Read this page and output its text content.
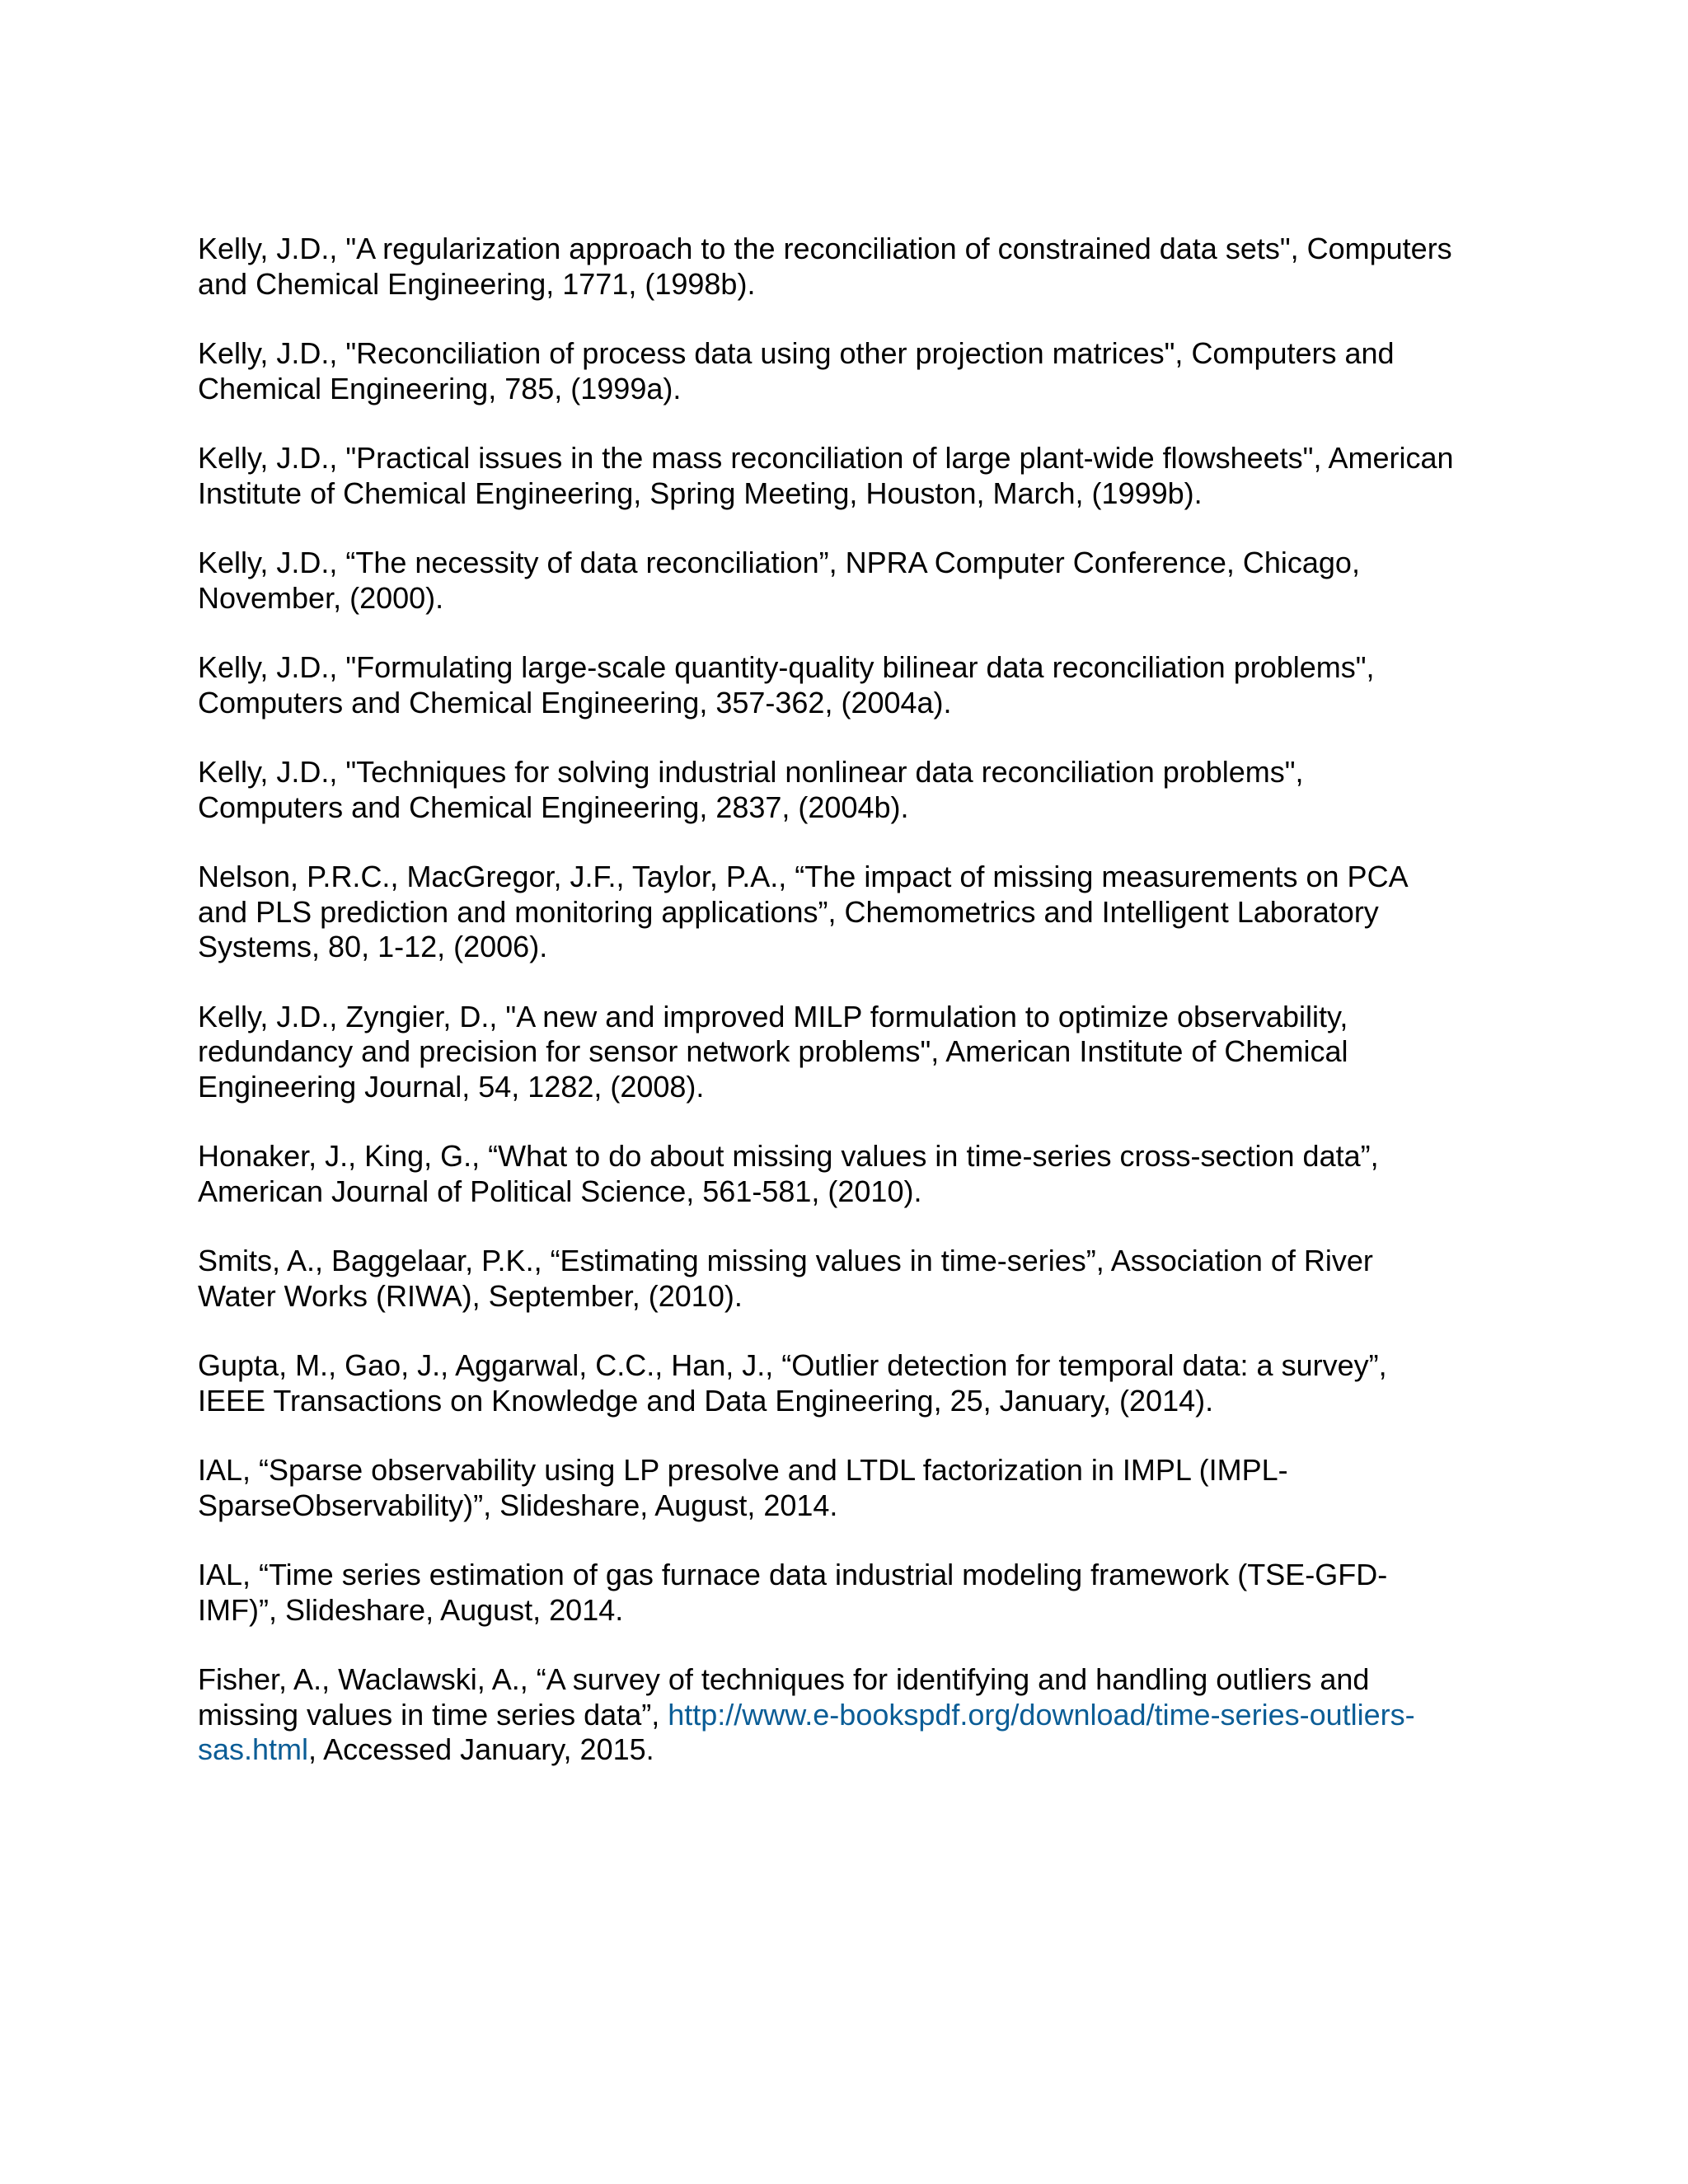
Kelly, J.D., "A regularization approach to the reconciliation of constrained data sets", Computers
and Chemical Engineering, 1771, (1998b).
Kelly, J.D., "Reconciliation of process data using other projection matrices", Computers and
Chemical Engineering, 785, (1999a).
Kelly, J.D., "Practical issues in the mass reconciliation of large plant-wide flowsheets", American
Institute of Chemical Engineering, Spring Meeting, Houston, March, (1999b).
Kelly, J.D., “The necessity of data reconciliation”, NPRA Computer Conference, Chicago,
November, (2000).
Kelly, J.D., "Formulating large-scale quantity-quality bilinear data reconciliation problems",
Computers and Chemical Engineering, 357-362, (2004a).
Kelly, J.D., "Techniques for solving industrial nonlinear data reconciliation problems",
Computers and Chemical Engineering, 2837, (2004b).
Nelson, P.R.C., MacGregor, J.F., Taylor, P.A., “The impact of missing measurements on PCA
and PLS prediction and monitoring applications”, Chemometrics and Intelligent Laboratory
Systems, 80, 1-12, (2006).
Kelly, J.D., Zyngier, D., "A new and improved MILP formulation to optimize observability,
redundancy and precision for sensor network problems", American Institute of Chemical
Engineering Journal, 54, 1282, (2008).
Honaker, J., King, G., “What to do about missing values in time-series cross-section data”,
American Journal of Political Science, 561-581, (2010).
Smits, A., Baggelaar, P.K., “Estimating missing values in time-series”, Association of River
Water Works (RIWA), September, (2010).
Gupta, M., Gao, J., Aggarwal, C.C., Han, J., “Outlier detection for temporal data: a survey”,
IEEE Transactions on Knowledge and Data Engineering, 25, January, (2014).
IAL, “Sparse observability using LP presolve and LTDL factorization in IMPL (IMPL-
SparseObservability)”, Slideshare, August, 2014.
IAL, “Time series estimation of gas furnace data industrial modeling framework (TSE-GFD-
IMF)”, Slideshare, August, 2014.
Fisher, A., Waclawski, A., “A survey of techniques for identifying and handling outliers and
missing values in time series data”, http://www.e-bookspdf.org/download/time-series-outliers-
sas.html, Accessed January, 2015.
